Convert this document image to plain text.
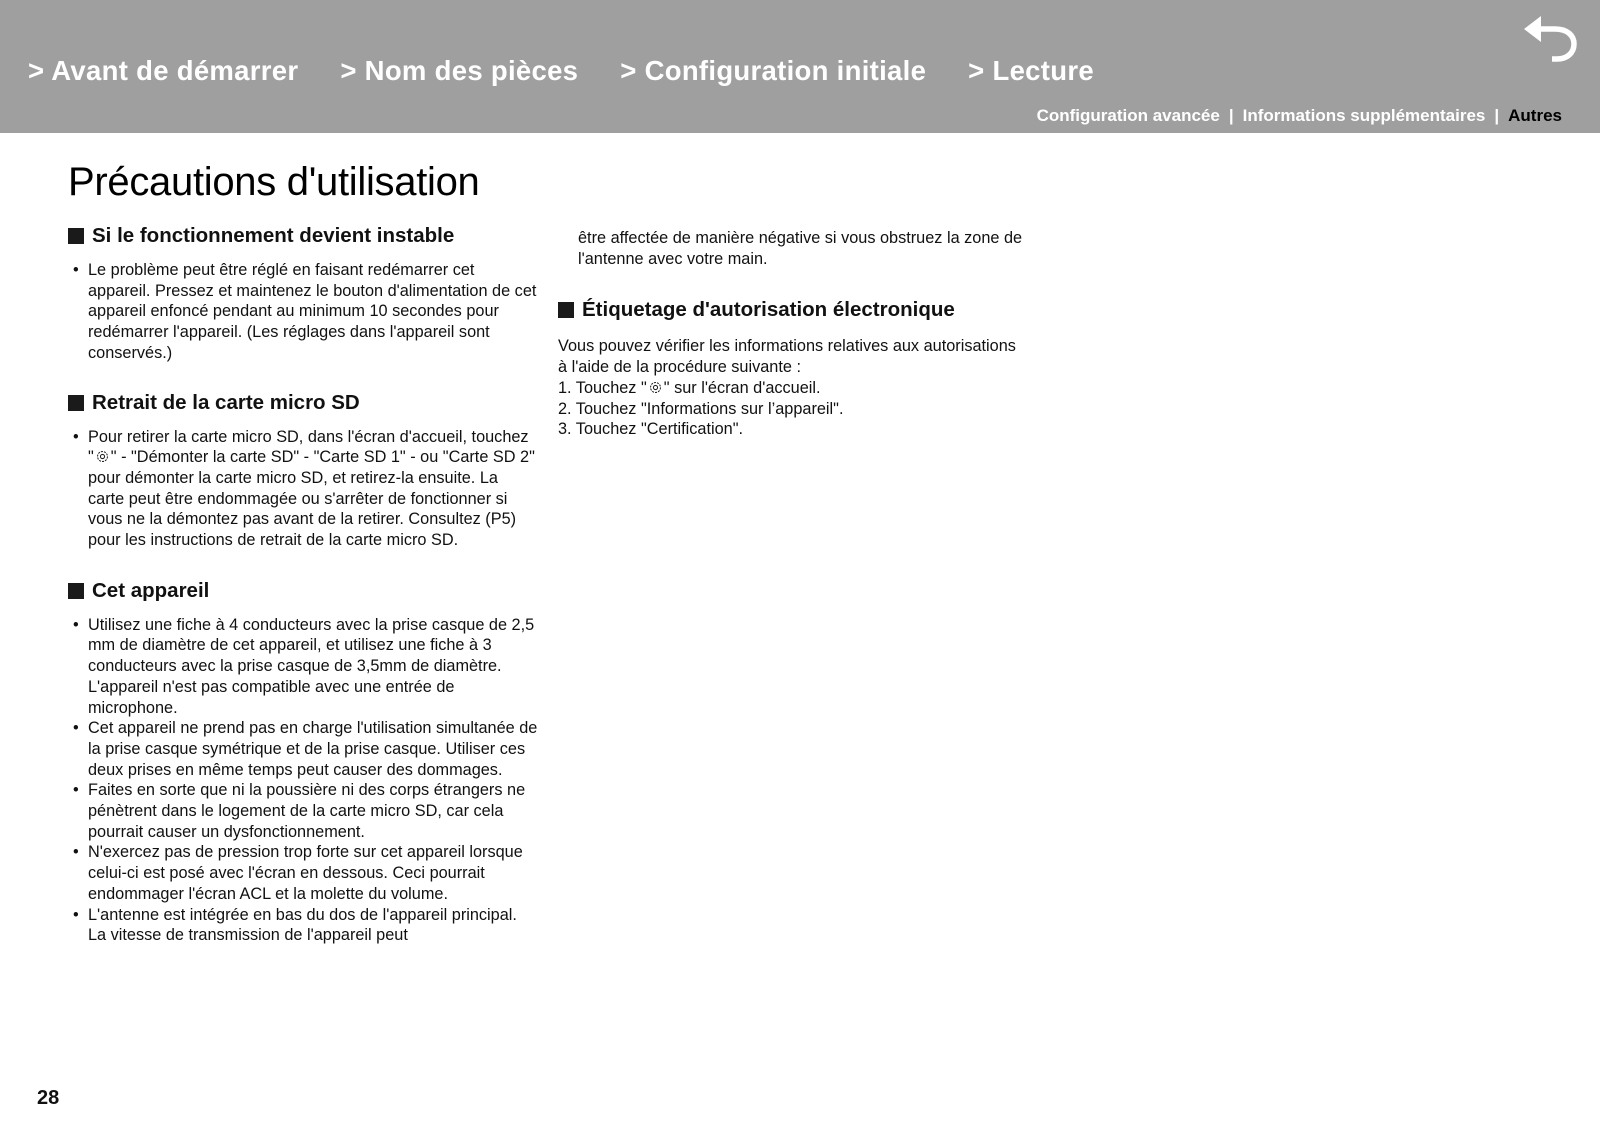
> Avant de démarrer > Nom des pièces > Configuration initiale > Lecture
Configuration avancée | Informations supplémentaires | Autres
Précautions d'utilisation
Si le fonctionnement devient instable
• Le problème peut être réglé en faisant redémarrer cet appareil. Pressez et maintenez le bouton d'alimentation de cet appareil enfoncé pendant au minimum 10 secondes pour redémarrer l'appareil. (Les réglages dans l'appareil sont conservés.)
Retrait de la carte micro SD
• Pour retirer la carte micro SD, dans l'écran d'accueil, touchez " " - "Démonter la carte SD" - "Carte SD 1" - ou "Carte SD 2" pour démonter la carte micro SD, et retirez-la ensuite. La carte peut être endommagée ou s'arrêter de fonctionner si vous ne la démontez pas avant de la retirer. Consultez (P5) pour les instructions de retrait de la carte micro SD.
Cet appareil
• Utilisez une fiche à 4 conducteurs avec la prise casque de 2,5 mm de diamètre de cet appareil, et utilisez une fiche à 3 conducteurs avec la prise casque de 3,5mm de diamètre. L'appareil n'est pas compatible avec une entrée de microphone.
• Cet appareil ne prend pas en charge l'utilisation simultanée de la prise casque symétrique et de la prise casque. Utiliser ces deux prises en même temps peut causer des dommages.
• Faites en sorte que ni la poussière ni des corps étrangers ne pénètrent dans le logement de la carte micro SD, car cela pourrait causer un dysfonctionnement.
• N'exercez pas de pression trop forte sur cet appareil lorsque celui-ci est posé avec l'écran en dessous. Ceci pourrait endommager l'écran ACL et la molette du volume.
• L'antenne est intégrée en bas du dos de l'appareil principal. La vitesse de transmission de l'appareil peut

être affectée de manière négative si vous obstruez la zone de l'antenne avec votre main.

Étiquetage d'autorisation électronique

Vous pouvez vérifier les informations relatives aux autorisations à l'aide de la procédure suivante :

1. Touchez " " sur l'écran d'accueil.

2. Touchez "Informations sur l’appareil".

3. Touchez "Certification".

28
